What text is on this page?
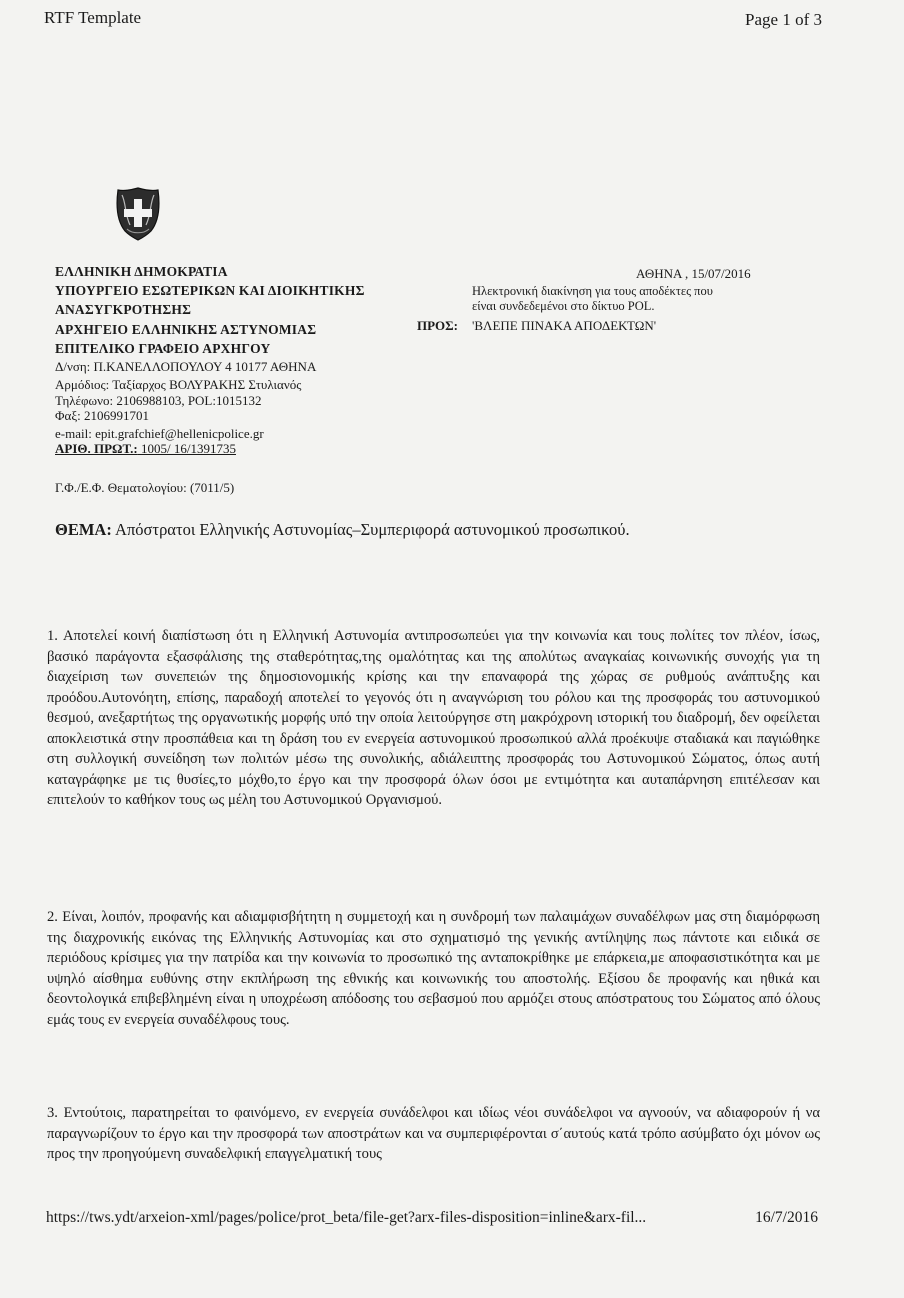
RTF Template	Page 1 of 3
ΕΛΛΗΝΙΚΗ ΔΗΜΟΚΡΑΤΙΑ
ΥΠΟΥΡΓΕΙΟ ΕΣΩΤΕΡΙΚΩΝ ΚΑΙ ΔΙΟΙΚΗΤΙΚΗΣ
ΑΝΑΣΥΓΚΡΟΤΗΣΗΣ
ΑΡΧΗΓΕΙΟ ΕΛΛΗΝΙΚΗΣ ΑΣΤΥΝΟΜΙΑΣ
ΕΠΙΤΕΛΙΚΟ ΓΡΑΦΕΙΟ ΑΡΧΗΓΟΥ
Δ/νση: Π.ΚΑΝΕΛΛΟΠΟΥΛΟΥ 4 10177 ΑΘΗΝΑ
Αρμόδιος: Ταξίαρχος ΒΟΛΥΡΑΚΗΣ Στυλιανός
Τηλέφωνο: 2106988103, POL:1015132
Φαξ: 2106991701
e-mail: epit.grafchief@hellenicpolice.gr
ΑΡΙΘ. ΠΡΩΤ.: 1005/ 16/1391735
Γ.Φ./Ε.Φ. Θεματολογίου: (7011/5)
ΑΘΗΝΑ , 15/07/2016
Ηλεκτρονική διακίνηση για τους αποδέκτες που
είναι συνδεδεμένοι στο δίκτυο POL.
ΠΡΟΣ: 'ΒΛΕΠΕ ΠΙΝΑΚΑ ΑΠΟΔΕΚΤΩΝ'
ΘΕΜΑ: Απόστρατοι Ελληνικής Αστυνομίας–Συμπεριφορά αστυνομικού προσωπικού.
1. Αποτελεί κοινή διαπίστωση ότι η Ελληνική Αστυνομία αντιπροσωπεύει για την κοινωνία και τους πολίτες τον πλέον, ίσως, βασικό παράγοντα εξασφάλισης της σταθερότητας,της ομαλότητας και της απολύτως αναγκαίας κοινωνικής συνοχής για τη διαχείριση των συνεπειών της δημοσιονομικής κρίσης και την επαναφορά της χώρας σε ρυθμούς ανάπτυξης και προόδου.Αυτονόητη, επίσης, παραδοχή αποτελεί το γεγονός ότι η αναγνώριση του ρόλου και της προσφοράς του αστυνομικού θεσμού, ανεξαρτήτως της οργανωτικής μορφής υπό την οποία λειτούργησε στη μακρόχρονη ιστορική του διαδρομή, δεν οφείλεται αποκλειστικά στην προσπάθεια και τη δράση του εν ενεργεία αστυνομικού προσωπικού αλλά προέκυψε σταδιακά και παγιώθηκε στη συλλογική συνείδηση των πολιτών μέσω της συνολικής, αδιάλειπτης προσφοράς του Αστυνομικού Σώματος, όπως αυτή καταγράφηκε με τις θυσίες,το μόχθο,το έργο και την προσφορά όλων όσοι με εντιμότητα και αυταπάρνηση επιτέλεσαν και επιτελούν το καθήκον τους ως μέλη του Αστυνομικού Οργανισμού.
2. Είναι, λοιπόν, προφανής και αδιαμφισβήτητη η συμμετοχή και η συνδρομή των παλαιμάχων συναδέλφων μας στη διαμόρφωση της διαχρονικής εικόνας της Ελληνικής Αστυνομίας και στο σχηματισμό της γενικής αντίληψης πως πάντοτε και ειδικά σε περιόδους κρίσιμες για την πατρίδα και την κοινωνία το προσωπικό της ανταποκρίθηκε με επάρκεια,με αποφασιστικότητα και με υψηλό αίσθημα ευθύνης στην εκπλήρωση της εθνικής και κοινωνικής του αποστολής. Εξίσου δε προφανής και ηθικά και δεοντολογικά επιβεβλημένη είναι η υποχρέωση απόδοσης του σεβασμού που αρμόζει στους απόστρατους του Σώματος από όλους εμάς τους εν ενεργεία συναδέλφους τους.
3. Εντούτοις, παρατηρείται το φαινόμενο, εν ενεργεία συνάδελφοι και ιδίως νέοι συνάδελφοι να αγνοούν, να αδιαφορούν ή να παραγνωρίζουν το έργο και την προσφορά των αποστράτων και να συμπεριφέρονται σ΄αυτούς κατά τρόπο ασύμβατο όχι μόνον ως προς την προηγούμενη συναδελφική επαγγελματική τους
https://tws.ydt/arxeion-xml/pages/police/prot_beta/file-get?arx-files-disposition=inline&arx-fil...	16/7/2016
